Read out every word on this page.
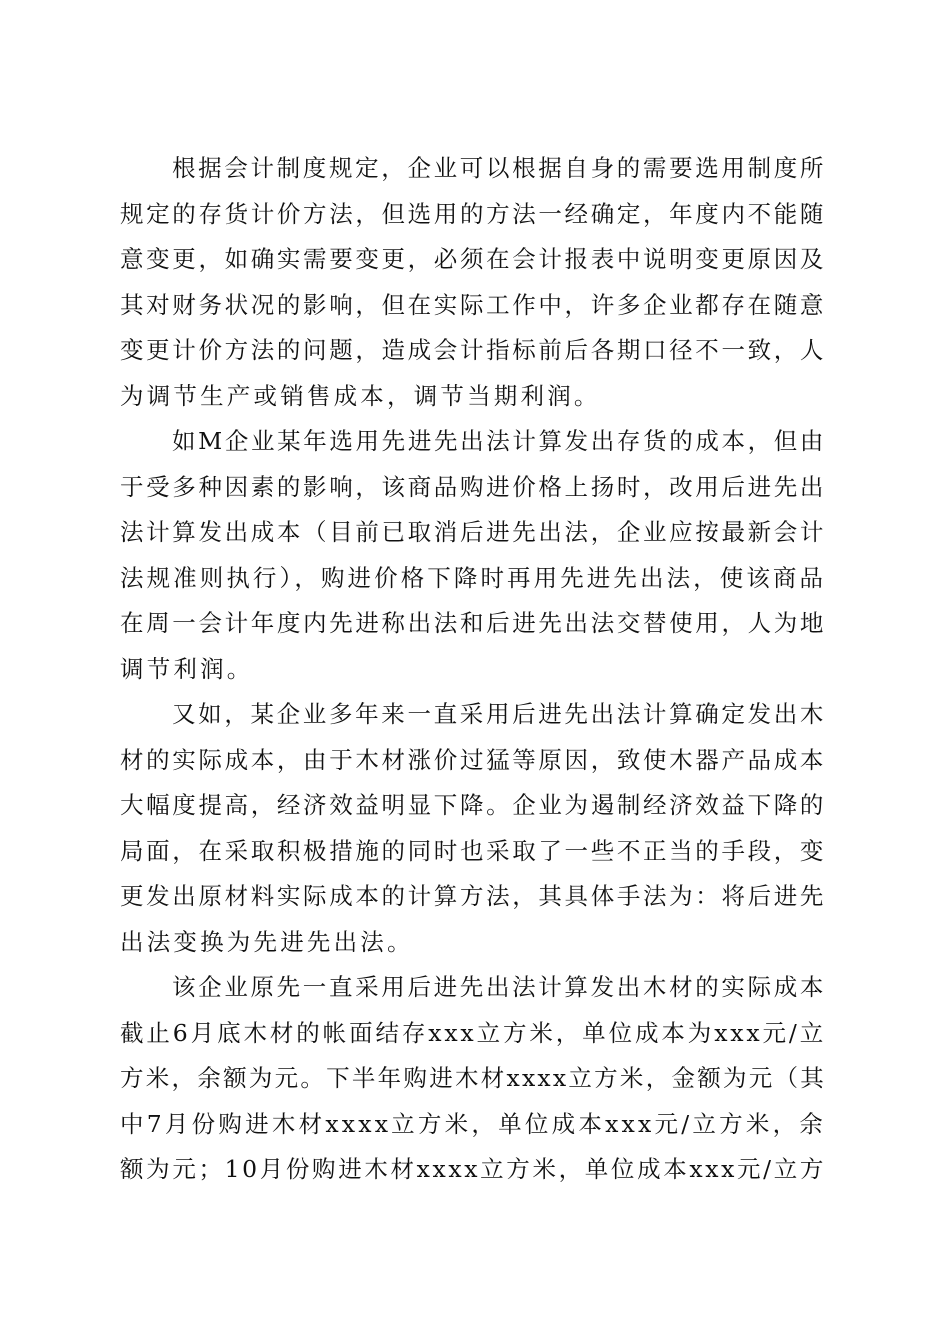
根据会计制度规定，企业可以根据自身的需要选用制度所
规定的存货计价方法，但选用的方法一经确定，年度内不能随
意变更，如确实需要变更，必须在会计报表中说明变更原因及
其对财务状况的影响，但在实际工作中，许多企业都存在随意
变更计价方法的问题，造成会计指标前后各期口径不一致，人
为调节生产或销售成本，调节当期利润。
如M企业某年选用先进先出法计算发出存货的成本，但由
于受多种因素的影响，该商品购进价格上扬时，改用后进先出
法计算发出成本（目前已取消后进先出法，企业应按最新会计
法规准则执行），购进价格下降时再用先进先出法，使该商品
在周一会计年度内先进称出法和后进先出法交替使用，人为地
调节利润。
又如，某企业多年来一直采用后进先出法计算确定发出木
材的实际成本，由于木材涨价过猛等原因，致使木器产品成本
大幅度提高，经济效益明显下降。企业为遏制经济效益下降的
局面，在采取积极措施的同时也采取了一些不正当的手段，变
更发出原材料实际成本的计算方法，其具体手法为：将后进先
出法变换为先进先出法。
该企业原先一直采用后进先出法计算发出木材的实际成本
截止6月底木材的帐面结存xxx立方米，单位成本为xxx元/立
方米，余额为元。下半年购进木材xxxx立方米，金额为元（其
中7月份购进木材xxxx立方米，单位成本xxx元/立方米，余
额为元；10月份购进木材xxxx立方米，单位成本xxx元/立方
